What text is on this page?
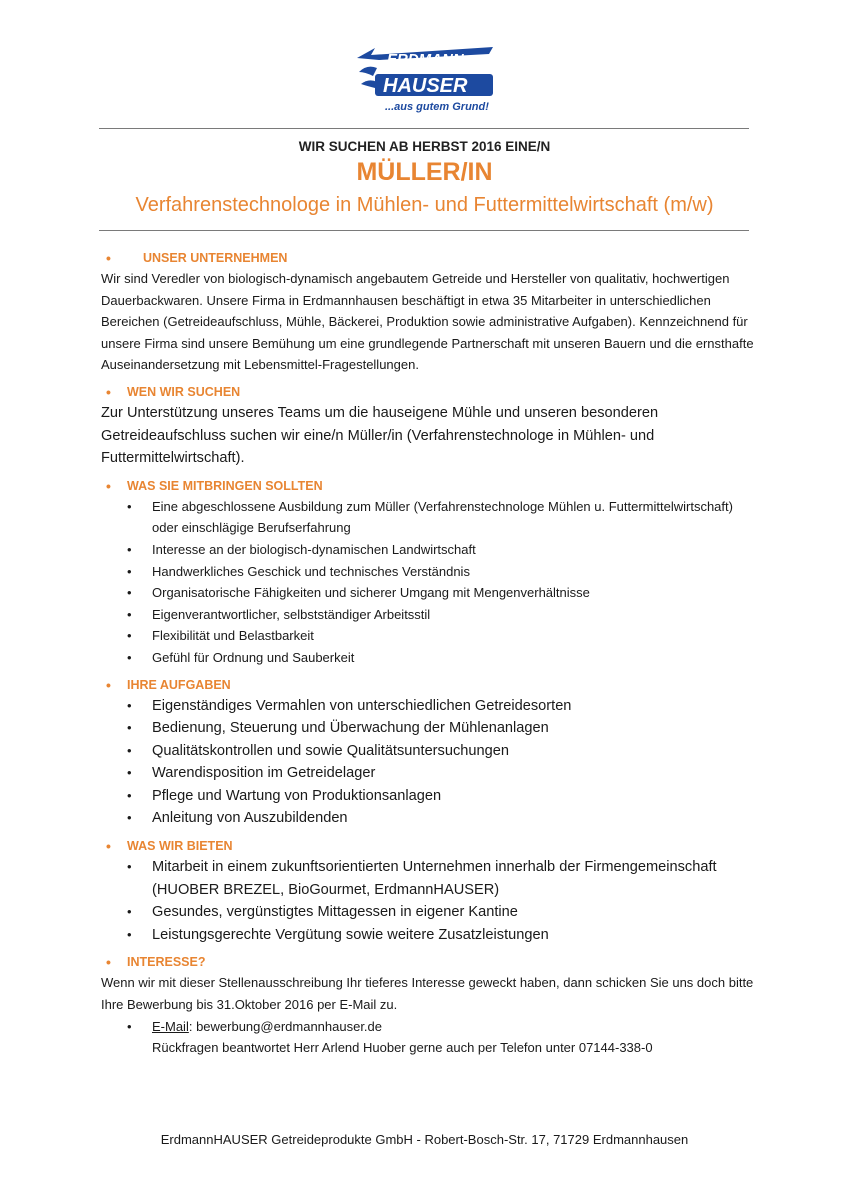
ERDMANN
HAUSER
...aus gutem Grund!
WIR SUCHEN AB HERBST 2016 EINE/N
MÜLLER/IN
Verfahrenstechnologe in Mühlen- und Futtermittelwirtschaft (m/w)
•	UNSER UNTERNEHMEN
Wir sind Veredler von biologisch-dynamisch angebautem Getreide und Hersteller von qualitativ, hochwertigen Dauerbackwaren. Unsere Firma in Erdmannhausen beschäftigt in etwa 35 Mitarbeiter in unterschiedlichen Bereichen (Getreideaufschluss, Mühle, Bäckerei, Produktion sowie administrative Aufgaben). Kennzeichnend für unsere Firma sind unsere Bemühung um eine grundlegende Partnerschaft mit unseren Bauern und die ernsthafte Auseinandersetzung mit Lebensmittel-Fragestellungen.
• WEN WIR SUCHEN
Zur Unterstützung unseres Teams um die hauseigene Mühle und unseren besonderen Getreideaufschluss suchen wir eine/n Müller/in (Verfahrenstechnologe in Mühlen- und Futtermittelwirtschaft).
• WAS SIE MITBRINGEN SOLLTEN
• Eine abgeschlossene Ausbildung zum Müller (Verfahrenstechnologe Mühlen u. Futtermittelwirtschaft) oder einschlägige Berufserfahrung
• Interesse an der biologisch-dynamischen Landwirtschaft
• Handwerkliches Geschick und technisches Verständnis
• Organisatorische Fähigkeiten und sicherer Umgang mit Mengenverhältnisse
• Eigenverantwortlicher, selbstständiger Arbeitsstil
• Flexibilität und Belastbarkeit
• Gefühl für Ordnung und Sauberkeit
• IHRE AUFGABEN
• Eigenständiges Vermahlen von unterschiedlichen Getreidesorten
• Bedienung, Steuerung und Überwachung der Mühlenanlagen
• Qualitätskontrollen und sowie Qualitätsuntersuchungen
• Warendisposition im Getreidelager
• Pflege und Wartung von Produktionsanlagen
• Anleitung von Auszubildenden
• WAS WIR BIETEN
• Mitarbeit in einem zukunftsorientierten Unternehmen innerhalb der Firmengemeinschaft (HUOBER BREZEL, BioGourmet, ErdmannHAUSER)
• Gesundes, vergünstigtes Mittagessen in eigener Kantine
• Leistungsgerechte Vergütung sowie weitere Zusatzleistungen
• INTERESSE?
Wenn wir mit dieser Stellenausschreibung Ihr tieferes Interesse geweckt haben, dann schicken Sie uns doch bitte Ihre Bewerbung bis 31.Oktober 2016 per E-Mail zu.
• E-Mail: bewerbung@erdmannhauser.de
Rückfragen beantwortet Herr Arlend Huober gerne auch per Telefon unter 07144-338-0
ErdmannHAUSER Getreideprodukte GmbH - Robert-Bosch-Str. 17, 71729 Erdmannhausen
